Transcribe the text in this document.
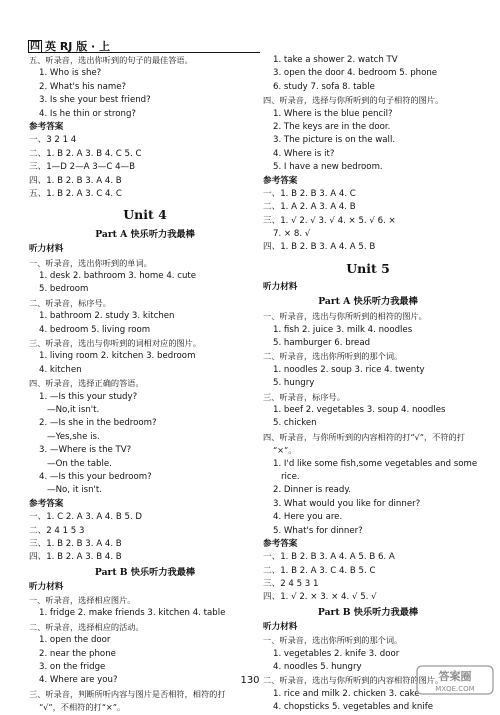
四 英 RJ 版 · 上
五、听录音，选出你听到的句子的最佳答语。
1. Who is she?
2. What's his name?
3. Is she your best friend?
4. Is he thin or strong?
参考答案
一、3 2 1 4
二、1. B 2. A 3. B 4. C 5. C
三、1—D 2—A 3—C 4—B
四、1. B 2. B 3. A 4. B
五、1. B 2. A 3. C 4. C
Unit 4
Part A 快乐听力我最棒
听力材料
一、听录音，选出你听到的单词。
1. desk 2. bathroom 3. home 4. cute
5. bedroom
二、听录音，标序号。
1. bathroom 2. study 3. kitchen
4. bedroom 5. living room
三、听录音，选出与你听到的词相对应的图片。
1. living room 2. kitchen 3. bedroom
4. kitchen
四、听录音，选择正确的答语。
1. —Is this your study?
—No,it isn't.
2. —Is she in the bedroom?
—Yes,she is.
3. —Where is the TV?
—On the table.
4. —Is this your bedroom?
—No, it isn't.
参考答案
一、1. C 2. A 3. A 4. B 5. D
二、2 4 1 5 3
三、1. B 2. B 3. A 4. B
四、1. B 2. A 3. B 4. B
Part B 快乐听力我最棒
听力材料
一、听录音，选择相应图片。
1. fridge 2. make friends 3. kitchen 4. table
二、听录音，选择相应的活动。
1. open the door
2. near the phone
3. on the fridge
4. Where are you?
三、听录音，判断所听内容与图片是否相符，相符的打
“√”，不相符的打“×”。
1. take a shower 2. watch TV
3. open the door 4. bedroom 5. phone
6. study 7. sofa 8. table
四、听录音，选择与你所听到的句子相符的图片。
1. Where is the blue pencil?
2. The keys are in the door.
3. The picture is on the wall.
4. Where is it?
5. I have a new bedroom.
参考答案
一、1. B 2. B 3. A 4. C
二、1. A 2. A 3. A 4. B
三、1. √ 2. √ 3. √ 4. × 5. √ 6. ×
7. × 8. √
四、1. B 2. B 3. A 4. A 5. B
Unit 5
听力材料
Part A 快乐听力我最棒
一、听录音，选出与你所听到的相符的图片。
1. fish 2. juice 3. milk 4. noodles
5. hamburger 6. bread
二、听录音，选出你所听到的那个词。
1. noodles 2. soup 3. rice 4. twenty
5. hungry
三、听录音，标序号。
1. beef 2. vegetables 3. soup 4. noodles
5. chicken
四、听录音，与你所听到的内容相符的打“√”，不符的打
“×”。
1. I'd like some fish,some vegetables and some
rice.
2. Dinner is ready.
3. What would you like for dinner?
4. Here you are.
5. What's for dinner?
参考答案
一、1. B 2. B 3. A 4. A 5. B 6. A
二、1. B 2. A 3. C 4. B 5. C
三、2 4 5 3 1
四、1. √ 2. × 3. × 4. √ 5. √
Part B 快乐听力我最棒
听力材料
一、听录音，选出你所听到的那个词。
1. vegetables 2. knife 3. door
4. noodles 5. hungry
二、听录音，选出与你所听到的内容相符的图片。
1. rice and milk 2. chicken 3. cake
4. chopsticks 5. vegetables and knife
130	答案圈
MXQE.COM
